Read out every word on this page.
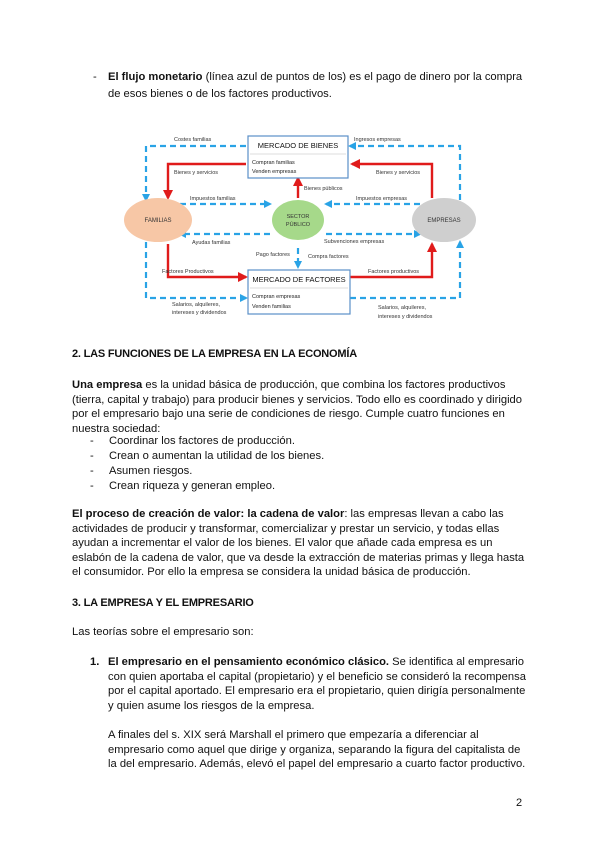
- El flujo monetario (línea azul de puntos de los) es el pago de dinero por la compra
de esos bienes o de los factores productivos.
MERCADO DE BIENES
Compran familias
Venden empresas
MERCADO DE FACTORES
Compran empresas
Venden familias
FAMILIAS	EMPRESAS
SECTOR
PÚBLICO
Costes familias	Ingresos empresas
Bienes y servicios	Bienes y servicios
Bienes públicos
Impuestos familias	Impuestos empresas
Ayudas familias	Subvenciones empresas
Compra factores
Pago factores
Factores Productivos	Factores productivos
Salarios, alquileres,
intereses y dividendos
Salarios, alquileres,
intereses y dividendos
2. LAS FUNCIONES DE LA EMPRESA EN LA ECONOMÍA
Una empresa es la unidad básica de producción, que combina los factores productivos
(tierra, capital y trabajo) para producir bienes y servicios. Todo ello es coordinado y dirigido
por el empresario bajo una serie de condiciones de riesgo. Cumple cuatro funciones en
nuestra sociedad:
- Coordinar los factores de producción.
- Crean o aumentan la utilidad de los bienes.
- Asumen riesgos.
- Crean riqueza y generan empleo.
El proceso de creación de valor: la cadena de valor: las empresas llevan a cabo las
actividades de producir y transformar, comercializar y prestar un servicio, y todas ellas
ayudan a incrementar el valor de los bienes. El valor que añade cada empresa es un
eslabón de la cadena de valor, que va desde la extracción de materias primas y llega hasta
el consumidor. Por ello la empresa se considera la unidad básica de producción.
3. LA EMPRESA Y EL EMPRESARIO
Las teorías sobre el empresario son:
1. El empresario en el pensamiento económico clásico. Se identifica al empresario
con quien aportaba el capital (propietario) y el beneficio se consideró la recompensa
por el capital aportado. El empresario era el propietario, quien dirigía personalmente
y quien asume los riesgos de la empresa.
A finales del s. XIX será Marshall el primero que empezaría a diferenciar al
empresario como aquel que dirige y organiza, separando la figura del capitalista de
la del empresario. Además, elevó el papel del empresario a cuarto factor productivo.
2
